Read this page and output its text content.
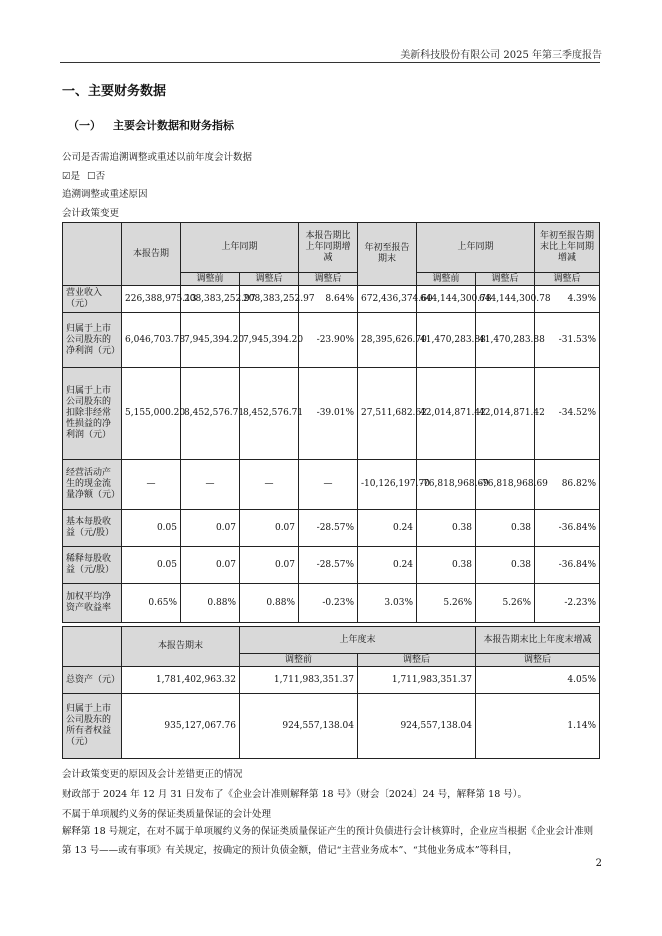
美新科技股份有限公司 2025 年第三季度报告
一、主要财务数据
（一） 主要会计数据和财务指标
公司是否需追溯调整或重述以前年度会计数据
☑是 ☐否
追溯调整或重述原因
会计政策变更
	本报告期	上年同期		本报告期比上年同期增减	年初至报告期末	上年同期		年初至报告期末比上年同期增减
		调整前	调整后	调整后		调整前	调整后	调整后
营业收入（元）	226,388,975.13	208,383,252.97	208,383,252.97	8.64%	672,436,374.60	644,144,300.78	644,144,300.78	4.39%
归属于上市公司股东的净利润（元）	6,046,703.78	7,945,394.20	7,945,394.20	-23.90%	28,395,626.70	41,470,283.88	41,470,283.88	-31.53%
归属于上市公司股东的扣除非经常性损益的净利润（元）	5,155,000.20	8,452,576.71	8,452,576.71	-39.01%	27,511,682.62	42,014,871.42	42,014,871.42	-34.52%
经营活动产生的现金流量净额（元）	—	—	—	—	-10,126,197.70	-76,818,968.69	-76,818,968.69	86.82%
基本每股收益（元/股）	0.05	0.07	0.07	-28.57%	0.24	0.38	0.38	-36.84%
稀释每股收益（元/股）	0.05	0.07	0.07	-28.57%	0.24	0.38	0.38	-36.84%
加权平均净资产收益率	0.65%	0.88%	0.88%	-0.23%	3.03%	5.26%	5.26%	-2.23%
	本报告期末	上年度末		本报告期末比上年度末增减
		调整前	调整后	调整后
总资产（元）	1,781,402,963.32	1,711,983,351.37	1,711,983,351.37	4.05%
归属于上市公司股东的所有者权益（元）	935,127,067.76	924,557,138.04	924,557,138.04	1.14%
会计政策变更的原因及会计差错更正的情况
财政部于 2024 年 12 月 31 日发布了《企业会计准则解释第 18 号》（财会〔2024〕24 号，解释第 18 号）。
不属于单项履约义务的保证类质量保证的会计处理
解释第 18 号规定，在对不属于单项履约义务的保证类质量保证产生的预计负债进行会计核算时，企业应当根据《企业会计准则第 13 号——或有事项》有关规定，按确定的预计负债金额，借记“主营业务成本”、“其他业务成本”等科目，
2
